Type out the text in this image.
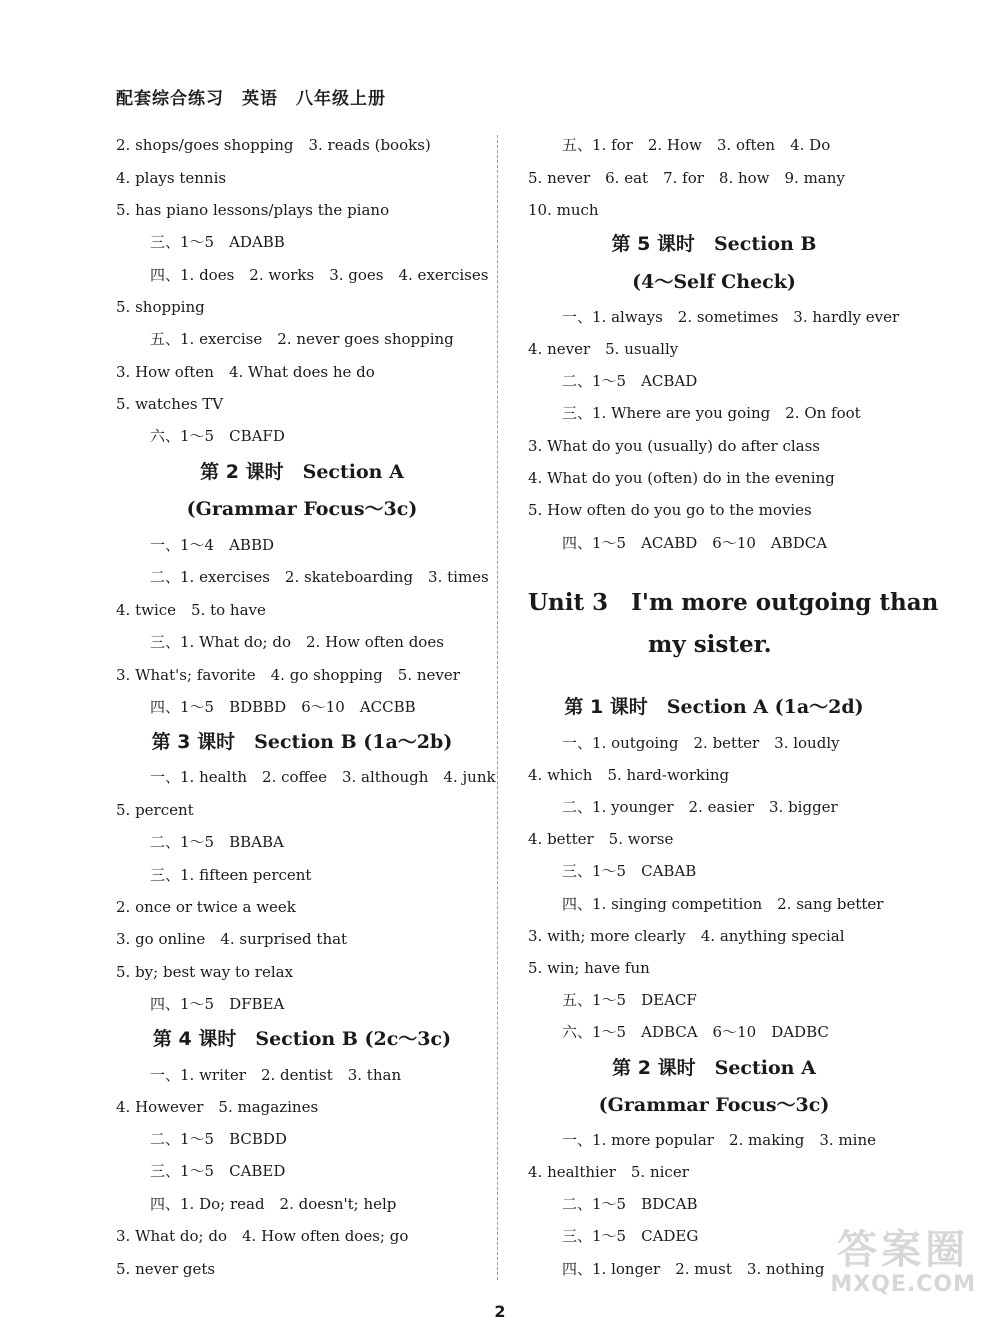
配套综合练习　英语　八年级上册
2. shops/goes shopping　3. reads (books)
4. plays tennis
5. has piano lessons/plays the piano
三、1～5　ADABB
四、1. does　2. works　3. goes　4. exercises
5. shopping
五、1. exercise　2. never goes shopping
3. How often　4. What does he do
5. watches TV
六、1～5　CBAFD
第 2 课时　 Section A
(Grammar Focus～3c)
一、1～4　ABBD
二、1. exercises　2. skateboarding　3. times
4. twice　5. to have
三、1. What do; do　2. How often does
3. What's; favorite　4. go shopping　5. never
四、1～5　BDBBD　6～10　ACCBB
第 3 课时　 Section B (1a～2b)
一、1. health　2. coffee　3. although　4. junk
5. percent
二、1～5　BBABA
三、1. fifteen percent
2. once or twice a week
3. go online　4. surprised that
5. by; best way to relax
四、1～5　DFBEA
第 4 课时　 Section B (2c～3c)
一、1. writer　2. dentist　3. than
4. However　5. magazines
二、1～5　BCBDD
三、1～5　CABED
四、1. Do; read　2. doesn't; help
3. What do; do　4. How often does; go
5. never gets
五、1. for　2. How　3. often　4. Do
5. never　6. eat　7. for　8. how　9. many
10. much
第 5 课时　 Section B
(4～Self Check)
一、1. always　2. sometimes　3. hardly ever
4. never　5. usually
二、1～5　ACBAD
三、1. Where are you going　2. On foot
3. What do you (usually) do after class
4. What do you (often) do in the evening
5. How often do you go to the movies
四、1～5　ACABD　6～10　ABDCA
Unit 3　I'm more outgoing than
my sister.
第 1 课时　 Section A (1a～2d)
一、1. outgoing　2. better　3. loudly
4. which　5. hard-working
二、1. younger　2. easier　3. bigger
4. better　5. worse
三、1～5　CABAB
四、1. singing competition　2. sang better
3. with; more clearly　4. anything special
5. win; have fun
五、1～5　DEACF
六、1～5　ADBCA　6～10　DADBC
第 2 课时　 Section A
(Grammar Focus～3c)
一、1. more popular　2. making　3. mine
4. healthier　5. nicer
二、1～5　BDCAB
三、1～5　CADEG
四、1. longer　2. must　3. nothing
2
答案圈
MXQE.COM
